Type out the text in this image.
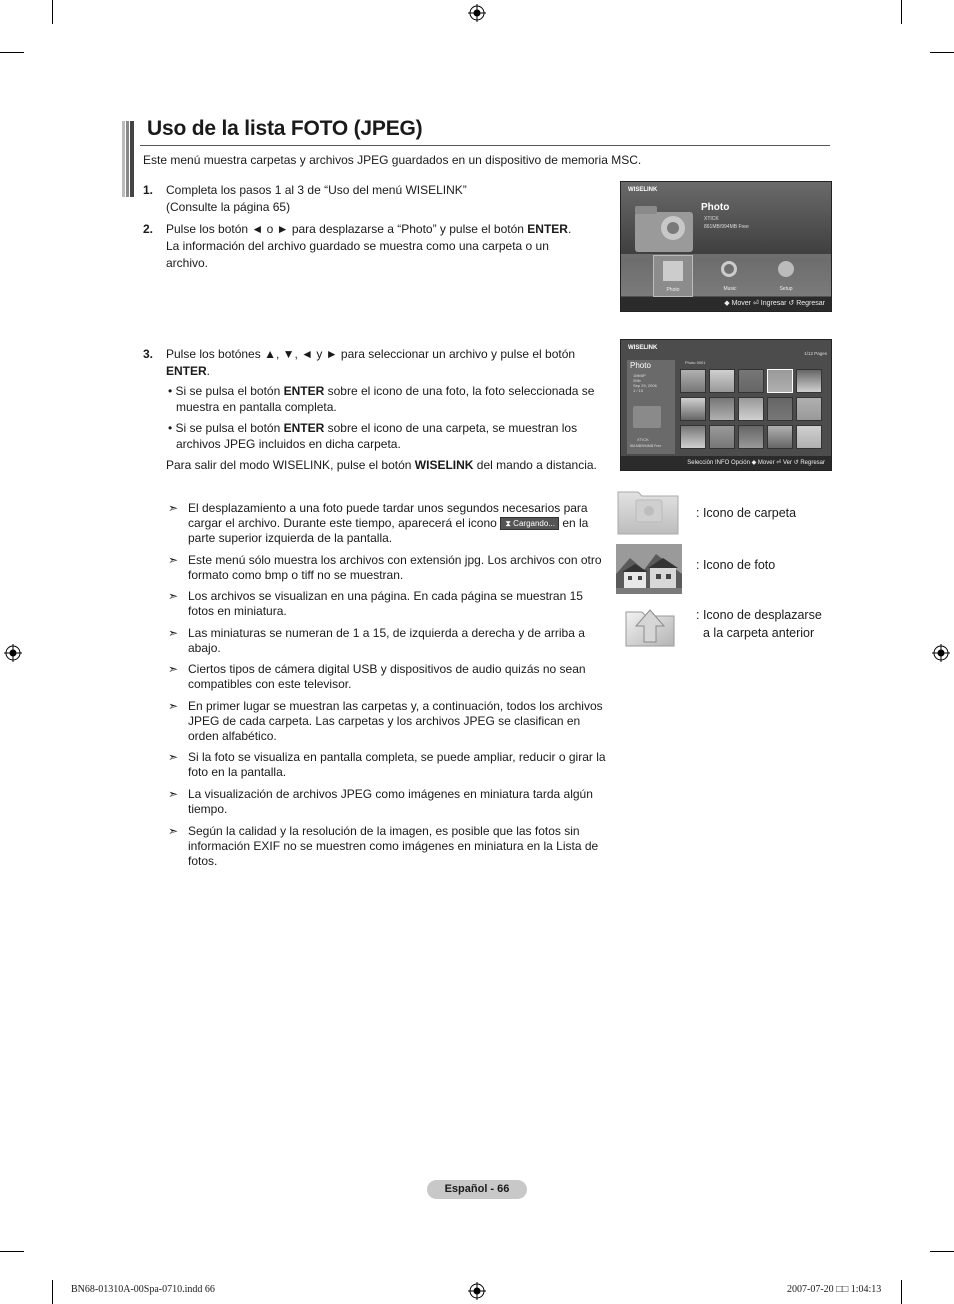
Uso de la lista FOTO (JPEG)
Este menú muestra carpetas y archivos JPEG guardados en un dispositivo de memoria MSC.
1. Completa los pasos 1 al 3 de “Uso del menú WISELINK”
(Consulte la página 65)
2. Pulse los botón ◄ o ► para desplazarse a “Photo” y pulse el botón ENTER.
La información del archivo guardado se muestra como una carpeta o un
archivo.
WISELINK
Photo
XTICK
861MB/994MB Free
Photo	Music	Setup
◆ Mover ⏎ Ingresar ↺ Regresar
3. Pulse los botónes ▲, ▼, ◄ y ► para seleccionar un archivo y pulse el botón
ENTER.
• Si se pulsa el botón ENTER sobre el icono de una foto, la foto seleccionada se
muestra en pantalla completa.
• Si se pulsa el botón ENTER sobre el icono de una carpeta, se muestran los
archivos JPEG incluidos en dicha carpeta.
Para salir del modo WISELINK, pulse el botón WISELINK del mando a distancia.
WISELINK
1/12 Pages
Photo
1Mb5P
2Mb
Sep 29, 2006
1 / 15
XTICK
861MB/994MB Free
Photo 0001
Selección INFO Opción ◆ Mover ⏎ Ver ↺ Regresar
➣ El desplazamiento a una foto puede tardar unos segundos necesarios para
cargar el archivo. Durante este tiempo, aparecerá el icono ⧗ Cargando... en la
parte superior izquierda de la pantalla.
➣ Este menú sólo muestra los archivos con extensión jpg. Los archivos con otro formato como bmp o tiff no se muestran.
➣ Los archivos se visualizan en una página. En cada página se muestran 15 fotos en miniatura.
➣ Las miniaturas se numeran de 1 a 15, de izquierda a derecha y de arriba a abajo.
➣ Ciertos tipos de cámera digital USB y dispositivos de audio quizás no sean compatibles con este televisor.
➣ En primer lugar se muestran las carpetas y, a continuación, todos los archivos JPEG de cada carpeta. Las carpetas y los archivos JPEG se clasifican en orden alfabético.
➣ Si la foto se visualiza en pantalla completa, se puede ampliar, reducir o girar la foto en la pantalla.
➣ La visualización de archivos JPEG como imágenes en miniatura tarda algún tiempo.
➣ Según la calidad y la resolución de la imagen, es posible que las fotos sin información EXIF no se muestren como imágenes en miniatura en la Lista de fotos.
: Icono de carpeta
: Icono de foto
: Icono de desplazarse
a la carpeta anterior
Español - 66
BN68-01310A-00Spa-0710.indd 66	2007-07-20 □□ 1:04:13
